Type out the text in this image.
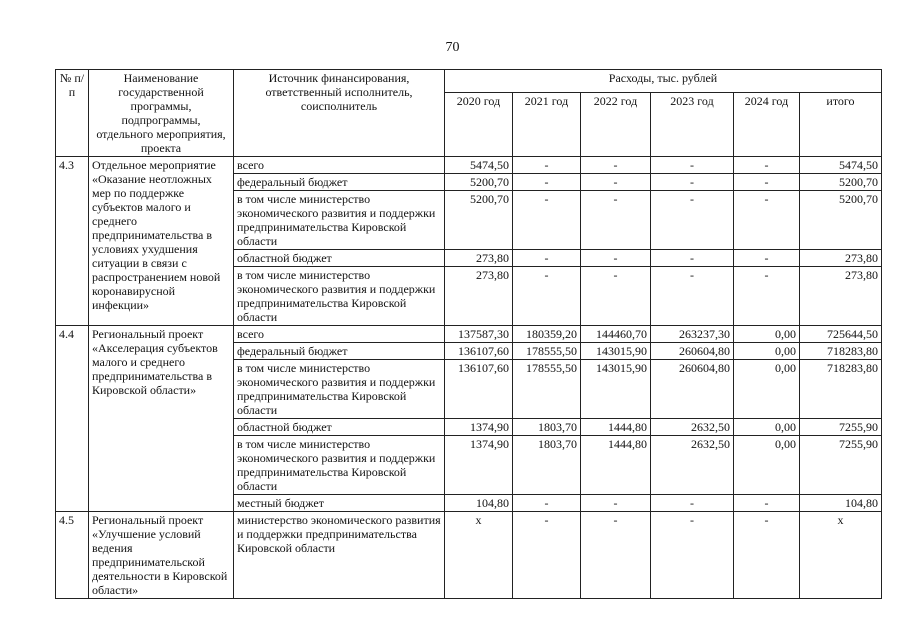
70
№ п/п	Наименование государственной программы, подпрограммы, отдельного мероприятия, проекта	Источник финансирования, ответственный исполнитель, соисполнитель	Расходы, тыс. рублей					
			2020 год	2021 год	2022 год	2023 год	2024 год	итого
4.3	Отдельное мероприятие «Оказание неотложных мер по поддержке субъектов малого и среднего предпринимательства в условиях ухудшения ситуации в связи с распространением новой коронавирусной инфекции»	всего	5474,50	-	-	-	-	5474,50
		федеральный бюджет	5200,70	-	-	-	-	5200,70
		в том числе министерство экономического развития и поддержки предпринимательства Кировской области	5200,70	-	-	-	-	5200,70
		областной бюджет	273,80	-	-	-	-	273,80
		в том числе министерство экономического развития и поддержки предпринимательства Кировской области	273,80	-	-	-	-	273,80
4.4	Региональный проект «Акселерация субъектов малого и среднего предпринимательства в Кировской области»	всего	137587,30	180359,20	144460,70	263237,30	0,00	725644,50
		федеральный бюджет	136107,60	178555,50	143015,90	260604,80	0,00	718283,80
		в том числе министерство экономического развития и поддержки предпринимательства Кировской области	136107,60	178555,50	143015,90	260604,80	0,00	718283,80
		областной бюджет	1374,90	1803,70	1444,80	2632,50	0,00	7255,90
		в том числе министерство экономического развития и поддержки предпринимательства Кировской области	1374,90	1803,70	1444,80	2632,50	0,00	7255,90
		местный бюджет	104,80	-	-	-	-	104,80
4.5	Региональный проект «Улучшение условий ведения предпринимательской деятельности в Кировской области»	министерство экономического развития и поддержки предпринимательства Кировской области	х	-	-	-	-	х
